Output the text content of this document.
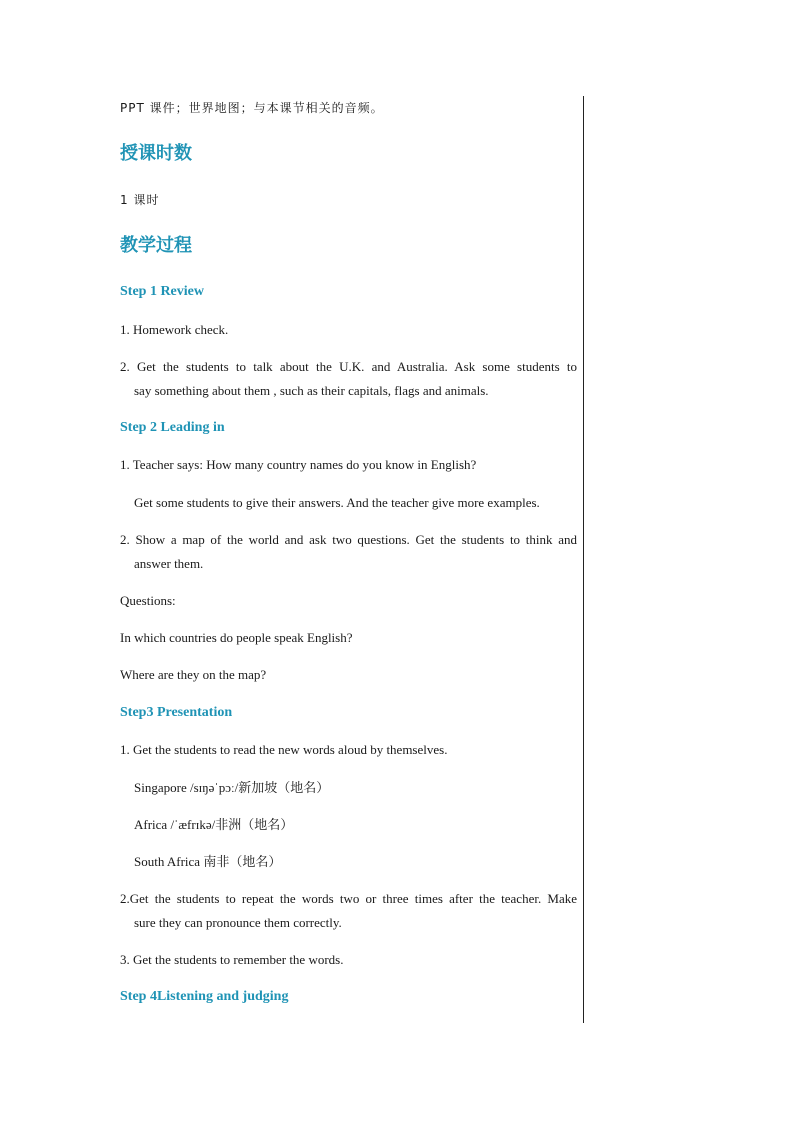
PPT 课件；世界地图；与本课节相关的音频。
授课时数
1 课时
教学过程
Step 1 Review
1. Homework check.
2. Get the students to talk about the U.K. and Australia. Ask some students to
say something about them , such as their capitals, flags and animals.
Step 2 Leading in
1. Teacher says: How many country names do you know in English?
Get some students to give their answers. And the teacher give more examples.
2. Show a map of the world and ask two questions. Get the students to think and
answer them.
Questions:
In which countries do people speak English?
Where are they on the map?
Step3 Presentation
1. Get the students to read the new words aloud by themselves.
Singapore /sɪŋəˈpɔː/新加坡（地名）
Africa /ˈæfrɪkə/非洲（地名）
South Africa 南非（地名）
2.Get the students to repeat the words two or three times after the teacher. Make
sure they can pronounce them correctly.
3. Get the students to remember the words.
Step 4Listening and judging
